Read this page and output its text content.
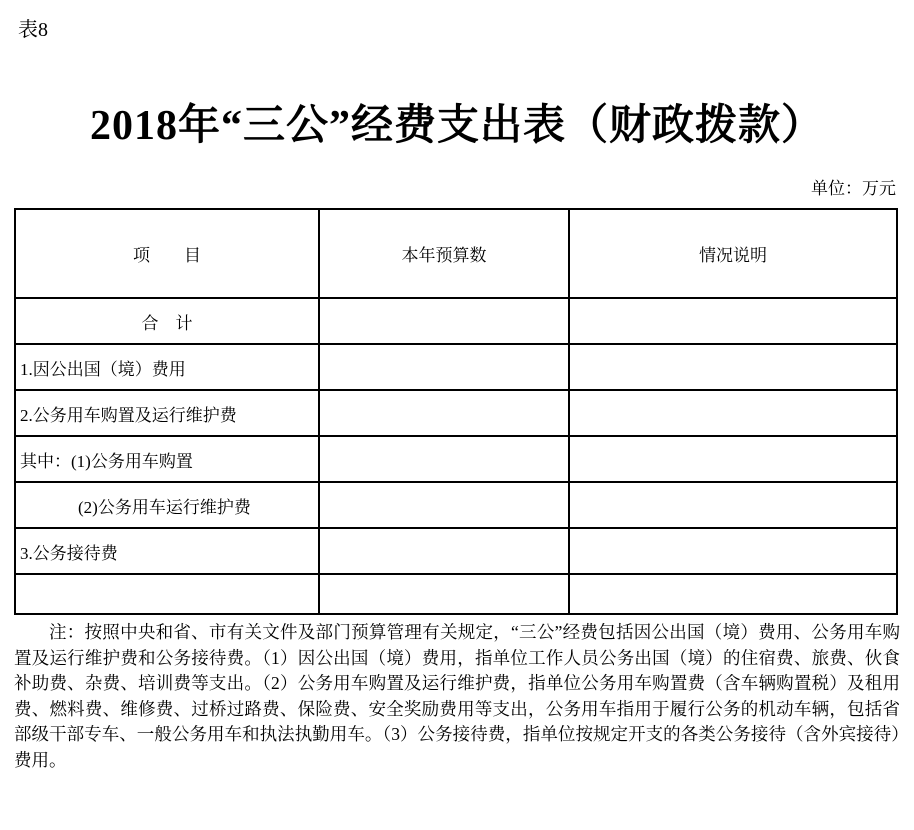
表8
2018年“三公”经费支出表（财政拨款）
单位：万元
项　　目	本年预算数	情况说明
合　计		
1.因公出国（境）费用		
2.公务用车购置及运行维护费		
其中：(1)公务用车购置		
(2)公务用车运行维护费		
3.公务接待费		

注：按照中央和省、市有关文件及部门预算管理有关规定，“三公”经费包括因公出国（境）费用、公务用车购置及运行维护费和公务接待费。（1）因公出国（境）费用，指单位工作人员公务出国（境）的住宿费、旅费、伙食补助费、杂费、培训费等支出。（2）公务用车购置及运行维护费，指单位公务用车购置费（含车辆购置税）及租用费、燃料费、维修费、过桥过路费、保险费、安全奖励费用等支出，公务用车指用于履行公务的机动车辆，包括省部级干部专车、一般公务用车和执法执勤用车。（3）公务接待费，指单位按规定开支的各类公务接待（含外宾接待）费用。
